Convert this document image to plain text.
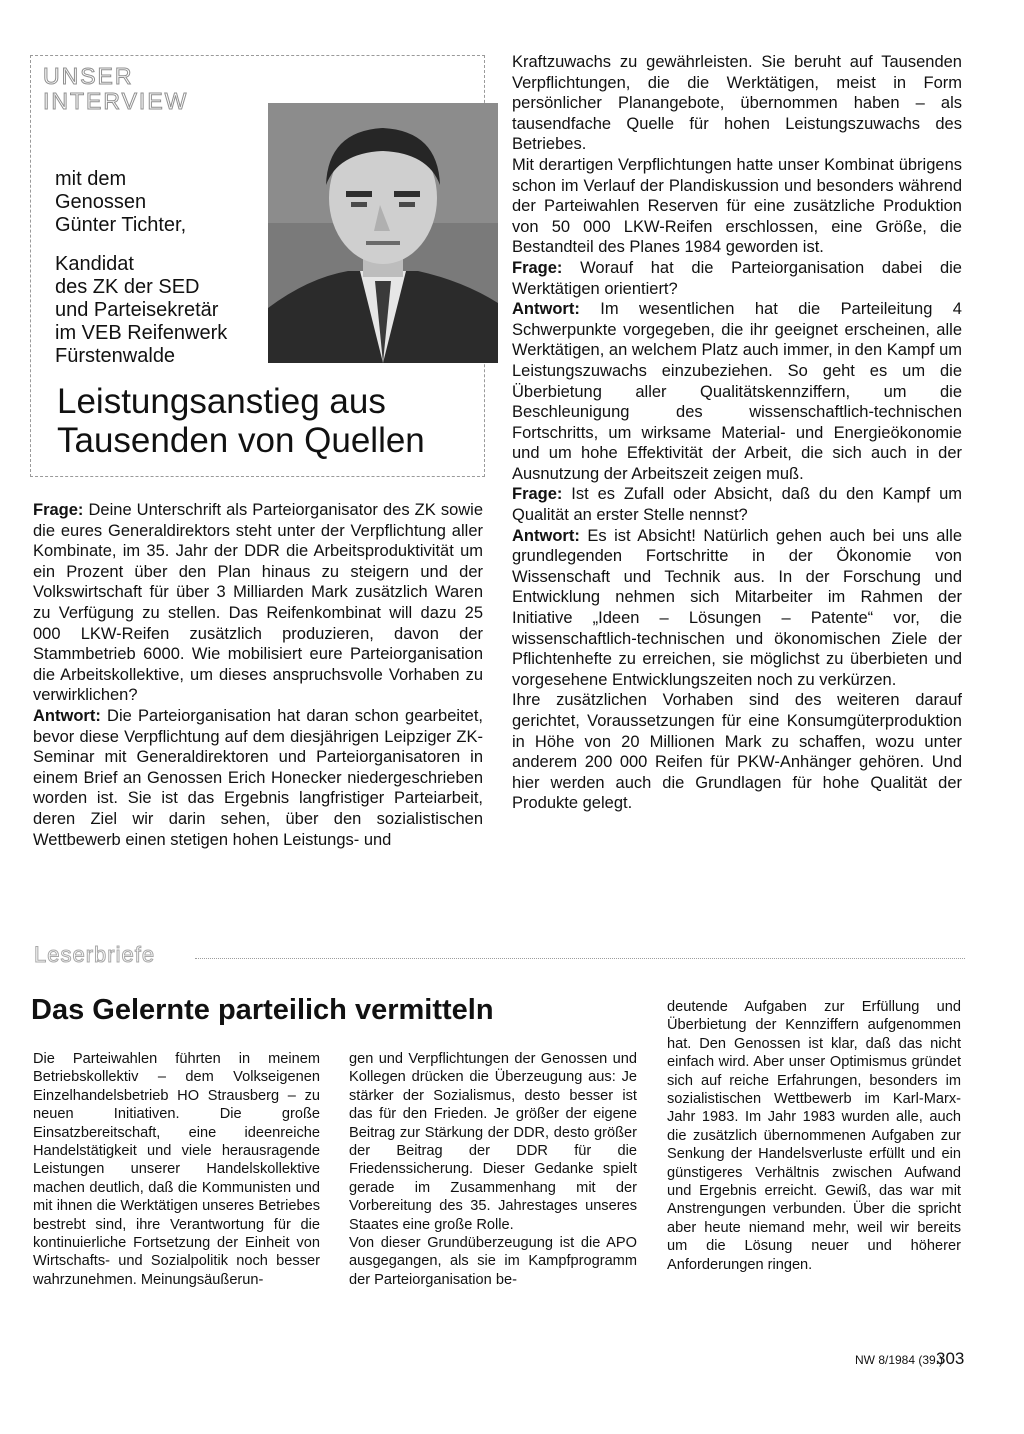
UNSER
INTERVIEW

mit dem

Genossen

Günter Tichter,

Kandidat

des ZK der SED

und Parteisekretär

im VEB Reifenwerk

Fürstenwalde

Leistungsanstieg aus
Tausenden von Quellen

Frage: Deine Unterschrift als Parteiorganisator des ZK sowie die eures Generaldirektors steht unter der Verpflichtung aller Kombinate, im 35. Jahr der DDR die Arbeitsproduktivität um ein Prozent über den Plan hinaus zu steigern und der Volkswirtschaft für über 3 Milliarden Mark zusätzlich Waren zu Verfügung zu stellen. Das Reifenkombinat will dazu 25 000 LKW-Reifen zusätzlich produzieren, davon der Stammbetrieb 6000. Wie mobilisiert eure Parteiorganisation die Arbeitskollektive, um dieses anspruchsvolle Vorhaben zu verwirklichen?

Antwort: Die Parteiorganisation hat daran schon gearbeitet, bevor diese Verpflichtung auf dem diesjährigen Leipziger ZK-Seminar mit Generaldirektoren und Parteiorganisatoren in einem Brief an Genossen Erich Honecker niedergeschrieben worden ist. Sie ist das Ergebnis langfristiger Parteiarbeit, deren Ziel wir darin sehen, über den sozialistischen Wettbewerb einen stetigen hohen Leistungs- und

Kraftzuwachs zu gewährleisten. Sie beruht auf Tausenden Verpflichtungen, die die Werktätigen, meist in Form persönlicher Planangebote, übernommen haben – als tausendfache Quelle für hohen Leistungszuwachs des Betriebes.

Mit derartigen Verpflichtungen hatte unser Kombinat übrigens schon im Verlauf der Plandiskussion und besonders während der Parteiwahlen Reserven für eine zusätzliche Produktion von 50 000 LKW-Reifen erschlossen, eine Größe, die Bestandteil des Planes 1984 geworden ist.

Frage: Worauf hat die Parteiorganisation dabei die Werktätigen orientiert?

Antwort: Im wesentlichen hat die Parteileitung 4 Schwerpunkte vorgegeben, die ihr geeignet erscheinen, alle Werktätigen, an welchem Platz auch immer, in den Kampf um Leistungszuwachs einzubeziehen. So geht es um die Überbietung aller Qualitätskennziffern, um die Beschleunigung des wissenschaftlich-technischen Fortschritts, um wirksame Material- und Energieökonomie und um hohe Effektivität der Arbeit, die sich auch in der Ausnutzung der Arbeitszeit zeigen muß.

Frage: Ist es Zufall oder Absicht, daß du den Kampf um Qualität an erster Stelle nennst?

Antwort: Es ist Absicht! Natürlich gehen auch bei uns alle grundlegenden Fortschritte in der Ökonomie von Wissenschaft und Technik aus. In der Forschung und Entwicklung nehmen sich Mitarbeiter im Rahmen der Initiative „Ideen – Lösungen – Patente“ vor, die wissenschaftlich-technischen und ökonomischen Ziele der Pflichtenhefte zu erreichen, sie möglichst zu überbieten und vorgesehene Entwicklungszeiten noch zu verkürzen.

Ihre zusätzlichen Vorhaben sind des weiteren darauf gerichtet, Voraussetzungen für eine Konsumgüterproduktion in Höhe von 20 Millionen Mark zu schaffen, wozu unter anderem 200 000 Reifen für PKW-Anhänger gehören. Und hier werden auch die Grundlagen für hohe Qualität der Produkte gelegt.

Leserbriefe
Das Gelernte parteilich vermitteln

Die Parteiwahlen führten in meinem Betriebskollektiv – dem Volkseigenen Einzelhandelsbetrieb HO Strausberg – zu neuen Initiativen. Die große Einsatzbereitschaft, eine ideenreiche Handelstätigkeit und viele herausragende Leistungen unserer Handelskollektive machen deutlich, daß die Kommunisten und mit ihnen die Werktätigen unseres Betriebes bestrebt sind, ihre Verantwortung für die kontinuierliche Fortsetzung der Einheit von Wirtschafts- und Sozialpolitik noch besser wahrzunehmen. Meinungsäußerun-

gen und Verpflichtungen der Genossen und Kollegen drücken die Überzeugung aus: Je stärker der Sozialismus, desto besser ist das für den Frieden. Je größer der eigene Beitrag zur Stärkung der DDR, desto größer der Beitrag der DDR für die Friedenssicherung. Dieser Gedanke spielt gerade im Zusammenhang mit der Vorbereitung des 35. Jahrestages unseres Staates eine große Rolle.

Von dieser Grundüberzeugung ist die APO ausgegangen, als sie im Kampfprogramm der Parteiorganisation be-

deutende Aufgaben zur Erfüllung und Überbietung der Kennziffern aufgenommen hat. Den Genossen ist klar, daß das nicht einfach wird. Aber unser Optimismus gründet sich auf reiche Erfahrungen, besonders im sozialistischen Wettbewerb im Karl-Marx-Jahr 1983. Im Jahr 1983 wurden alle, auch die zusätzlich übernommenen Aufgaben zur Senkung der Handelsverluste erfüllt und ein günstigeres Verhältnis zwischen Aufwand und Ergebnis erreicht. Gewiß, das war mit Anstrengungen verbunden. Über die spricht aber heute niemand mehr, weil wir bereits um die Lösung neuer und höherer Anforderungen ringen.

NW 8/1984 (39.)
303
